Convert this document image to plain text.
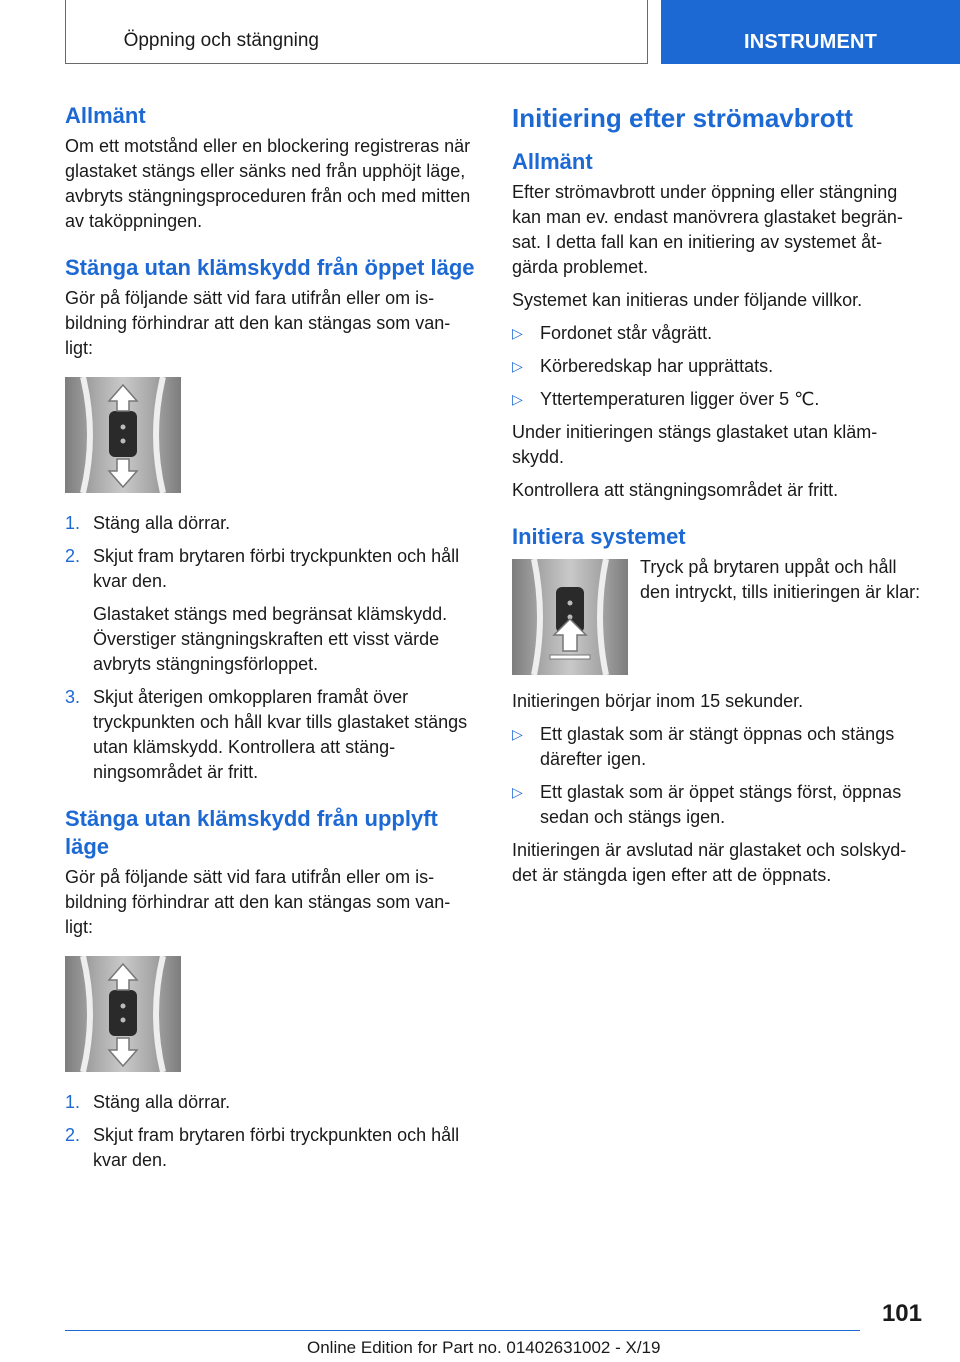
Öppning och stängning	INSTRUMENT
Allmänt

Om ett motstånd eller en blockering registreras när glastaket stängs eller sänks ned från upphöjt läge, avbryts stängningsproceduren från och med mitten av taköppningen.

Stänga utan klämskydd från öppet läge

Gör på följande sätt vid fara utifrån eller om is-bildning förhindrar att den kan stängas som van-ligt:

1. Stäng alla dörrar.
2. Skjut fram brytaren förbi tryckpunkten och håll kvar den.
Glastaket stängs med begränsat klämskydd. Överstiger stängningskraften ett visst värde avbryts stängningsförloppet.
3. Skjut återigen omkopplaren framåt över tryckpunkten och håll kvar tills glastaket stängs utan klämskydd. Kontrollera att stäng-ningsområdet är fritt.
Stänga utan klämskydd från upplyft läge

Gör på följande sätt vid fara utifrån eller om is-bildning förhindrar att den kan stängas som van-ligt:

1. Stäng alla dörrar.
2. Skjut fram brytaren förbi tryckpunkten och håll kvar den.
Initiering efter strömavbrott
Allmänt

Efter strömavbrott under öppning eller stängning kan man ev. endast manövrera glastaket begrän-sat. I detta fall kan en initiering av systemet åt-gärda problemet.

Systemet kan initieras under följande villkor.

▷ Fordonet står vågrätt.
▷ Körberedskap har upprättats.
▷ Yttertemperaturen ligger över 5 ℃.

Under initieringen stängs glastaket utan kläm-skydd.

Kontrollera att stängningsområdet är fritt.

Initiera systemet

Tryck på brytaren uppåt och håll den intryckt, tills initieringen är klar:

Initieringen börjar inom 15 sekunder.

▷ Ett glastak som är stängt öppnas och stängs därefter igen.
▷ Ett glastak som är öppet stängs först, öppnas sedan och stängs igen.

Initieringen är avslutad när glastaket och solskyd-det är stängda igen efter att de öppnats.

101
Online Edition for Part no. 01402631002 - X/19
